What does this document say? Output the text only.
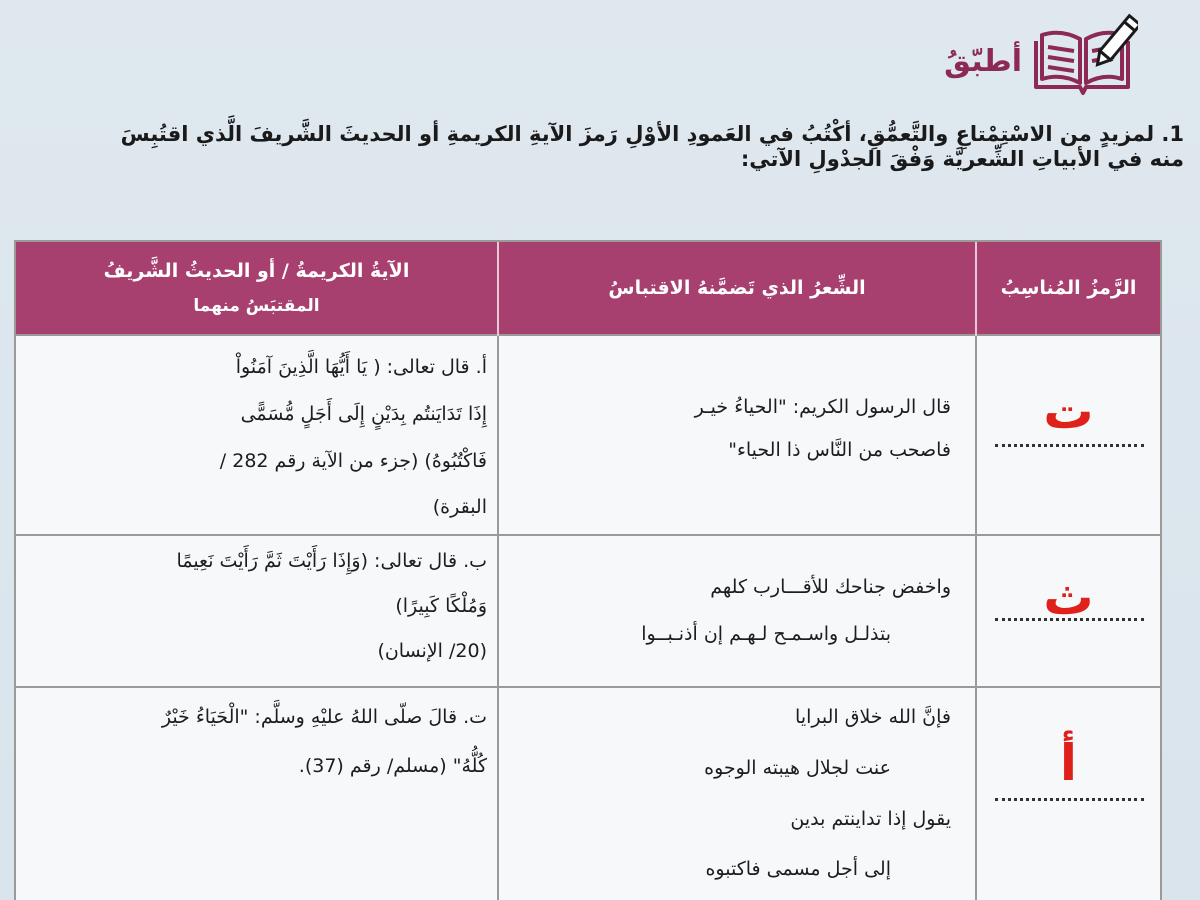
أطبّقُ
1. لمزيدٍ من الاسْتِمْتاعِ والتَّعمُّقِ، أكْتُبُ في العَمودِ الأوْلِ رَمزَ الآيةِ الكريمةِ أو الحديثَ الشَّريفَ الَّذي اقتُبِسَ
منه في الأبياتِ الشِّعريَّة وَفْقَ الجدْولِ الآتي:
الرَّمزُ المُناسِبُ	الشِّعرُ الذي تَضمَّنهُ الاقتباسُ	الآيةُ الكريمةُ / أو الحديثُ الشَّريفُ
المقتبَسُ منهما

ت	قال الرسول الكريم: "الحياءُ خيـر
فاصحب من النَّاس ذا الحياء"	أ. قال تعالى: ( يَا أَيُّهَا الَّذِينَ آمَنُواْ
إِذَا تَدَايَنتُم بِدَيْنٍ إِلَى أَجَلٍ مُّسَمًّى
فَاكْتُبُوهُ) (جزء من الآية رقم 282 /
البقرة)

ث	واخفض جناحك للأقـــارب كلهم
بتذلـل واسـمـح لـهـم إن أذنـبــوا	ب. قال تعالى: (وَإِذَا رَأَيْتَ ثَمَّ رَأَيْتَ نَعِيمًا
وَمُلْكًا كَبِيرًا)
(20/ الإنسان)

أ	فإنَّ الله خلاق البرايا
عنت لجلال هيبته الوجوه
يقول إذا تداينتم بدين
إلى أجل مسمى فاكتبوه	ت. قالَ صلّى اللهُ عليْهِ وسلَّم: "الْحَيَاءُ خَيْرٌ
كُلُّهُ" (مسلم/ رقم (37).
